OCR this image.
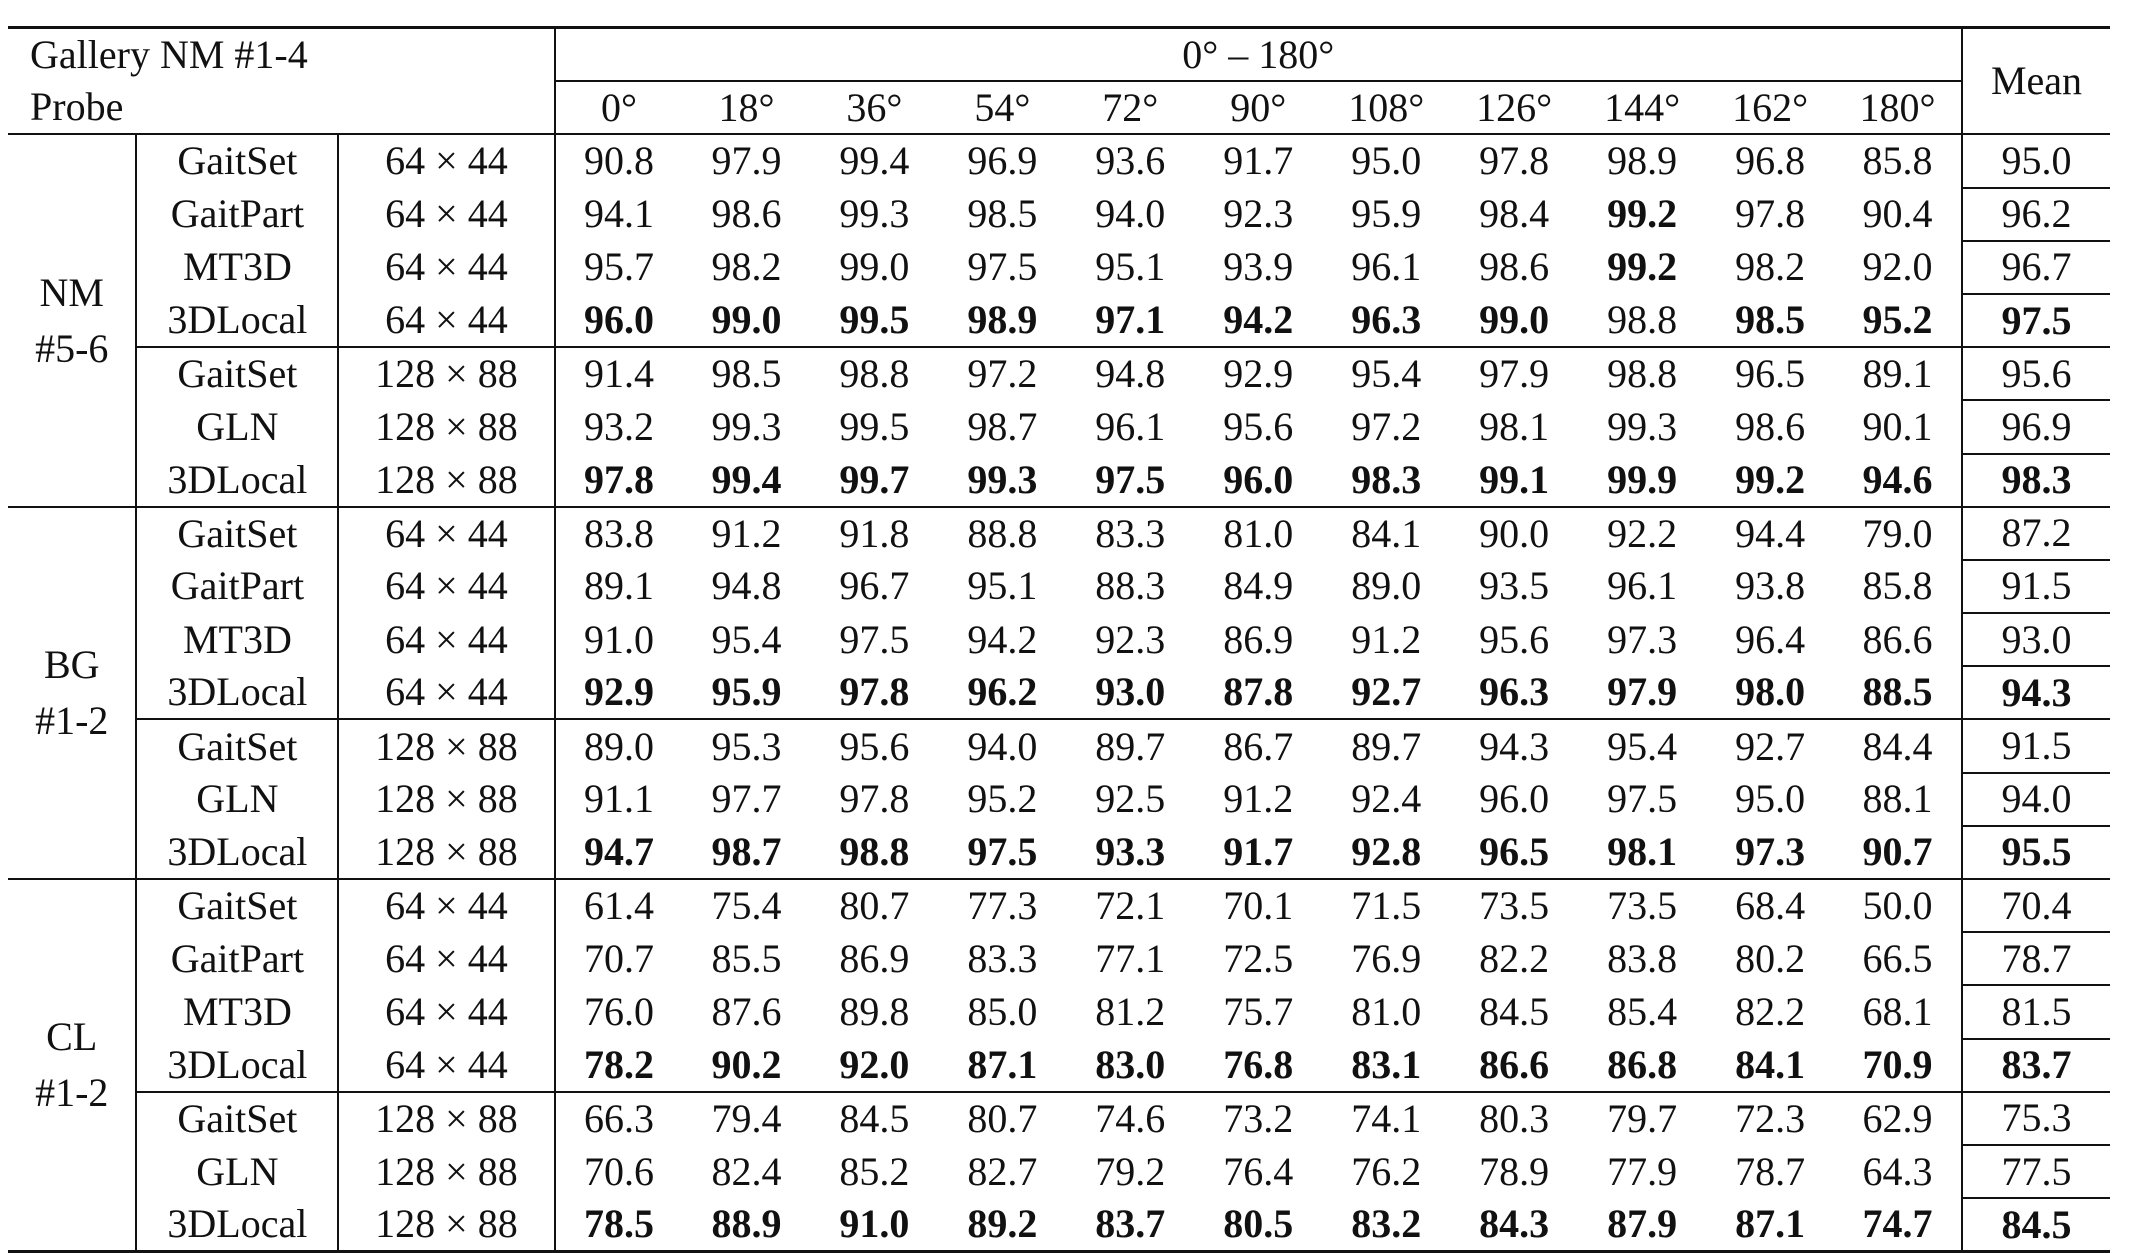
Gallery NM #1-4			0° – 180°											Mean
Probe			0°	18°	36°	54°	72°	90°	108°	126°	144°	162°	180°	
NM
#5-6	GaitSet	64 × 44	90.8	97.9	99.4	96.9	93.6	91.7	95.0	97.8	98.9	96.8	85.8	95.0
	GaitPart	64 × 44	94.1	98.6	99.3	98.5	94.0	92.3	95.9	98.4	99.2	97.8	90.4	96.2
	MT3D	64 × 44	95.7	98.2	99.0	97.5	95.1	93.9	96.1	98.6	99.2	98.2	92.0	96.7
	3DLocal	64 × 44	96.0	99.0	99.5	98.9	97.1	94.2	96.3	99.0	98.8	98.5	95.2	97.5
	GaitSet	128 × 88	91.4	98.5	98.8	97.2	94.8	92.9	95.4	97.9	98.8	96.5	89.1	95.6
	GLN	128 × 88	93.2	99.3	99.5	98.7	96.1	95.6	97.2	98.1	99.3	98.6	90.1	96.9
	3DLocal	128 × 88	97.8	99.4	99.7	99.3	97.5	96.0	98.3	99.1	99.9	99.2	94.6	98.3
BG
#1-2	GaitSet	64 × 44	83.8	91.2	91.8	88.8	83.3	81.0	84.1	90.0	92.2	94.4	79.0	87.2
	GaitPart	64 × 44	89.1	94.8	96.7	95.1	88.3	84.9	89.0	93.5	96.1	93.8	85.8	91.5
	MT3D	64 × 44	91.0	95.4	97.5	94.2	92.3	86.9	91.2	95.6	97.3	96.4	86.6	93.0
	3DLocal	64 × 44	92.9	95.9	97.8	96.2	93.0	87.8	92.7	96.3	97.9	98.0	88.5	94.3
	GaitSet	128 × 88	89.0	95.3	95.6	94.0	89.7	86.7	89.7	94.3	95.4	92.7	84.4	91.5
	GLN	128 × 88	91.1	97.7	97.8	95.2	92.5	91.2	92.4	96.0	97.5	95.0	88.1	94.0
	3DLocal	128 × 88	94.7	98.7	98.8	97.5	93.3	91.7	92.8	96.5	98.1	97.3	90.7	95.5
CL
#1-2	GaitSet	64 × 44	61.4	75.4	80.7	77.3	72.1	70.1	71.5	73.5	73.5	68.4	50.0	70.4
	GaitPart	64 × 44	70.7	85.5	86.9	83.3	77.1	72.5	76.9	82.2	83.8	80.2	66.5	78.7
	MT3D	64 × 44	76.0	87.6	89.8	85.0	81.2	75.7	81.0	84.5	85.4	82.2	68.1	81.5
	3DLocal	64 × 44	78.2	90.2	92.0	87.1	83.0	76.8	83.1	86.6	86.8	84.1	70.9	83.7
	GaitSet	128 × 88	66.3	79.4	84.5	80.7	74.6	73.2	74.1	80.3	79.7	72.3	62.9	75.3
	GLN	128 × 88	70.6	82.4	85.2	82.7	79.2	76.4	76.2	78.9	77.9	78.7	64.3	77.5
	3DLocal	128 × 88	78.5	88.9	91.0	89.2	83.7	80.5	83.2	84.3	87.9	87.1	74.7	84.5
